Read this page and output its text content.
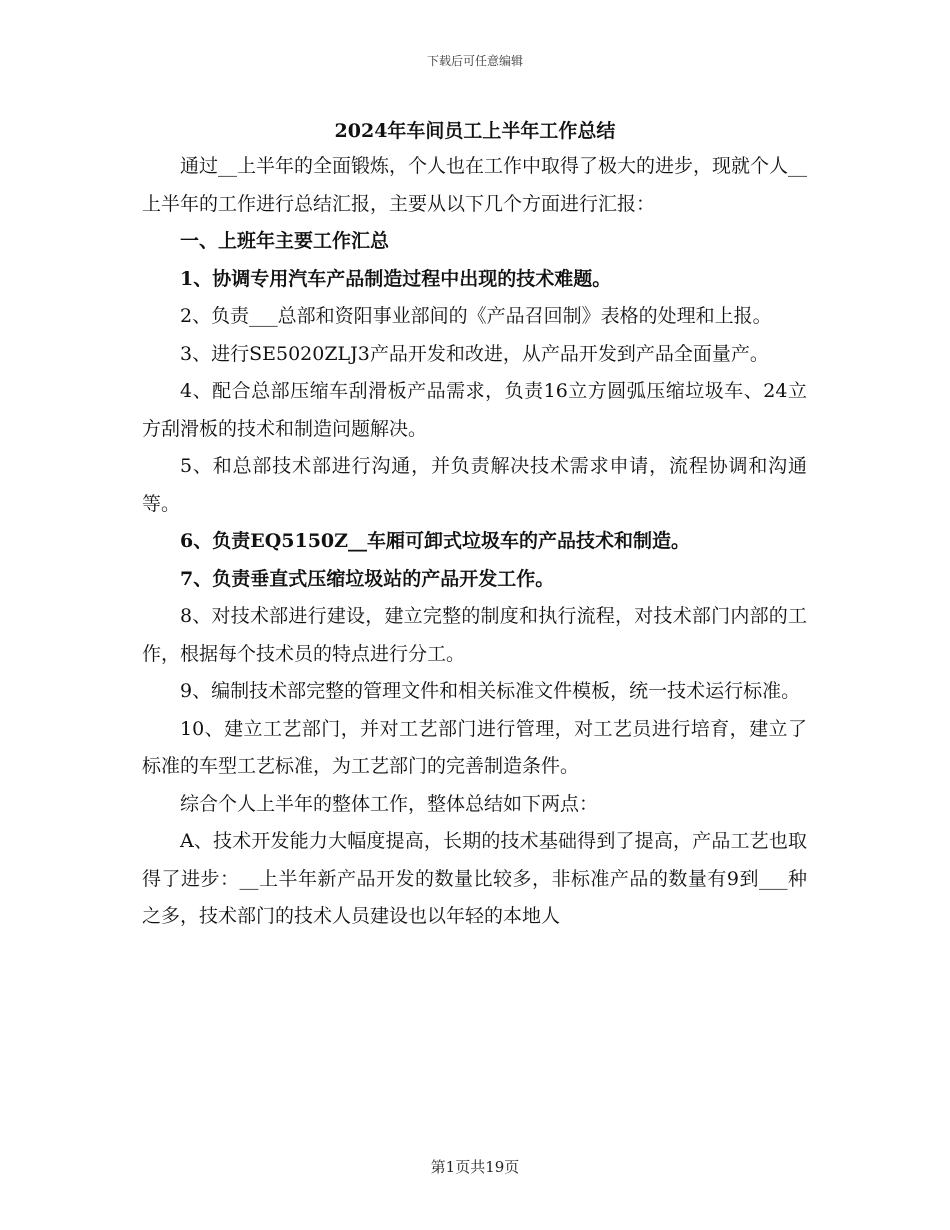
下载后可任意编辑
2024年车间员工上半年工作总结

通过__上半年的全面锻炼，个人也在工作中取得了极大的进步，现就个人__上半年的工作进行总结汇报，主要从以下几个方面进行汇报：

一、上班年主要工作汇总

1、协调专用汽车产品制造过程中出现的技术难题。

2、负责___总部和资阳事业部间的《产品召回制》表格的处理和上报。

3、进行SE5020ZLJ3产品开发和改进，从产品开发到产品全面量产。

4、配合总部压缩车刮滑板产品需求，负责16立方圆弧压缩垃圾车、24立方刮滑板的技术和制造问题解决。

5、和总部技术部进行沟通，并负责解决技术需求申请，流程协调和沟通等。

6、负责EQ5150Z__车厢可卸式垃圾车的产品技术和制造。

7、负责垂直式压缩垃圾站的产品开发工作。

8、对技术部进行建设，建立完整的制度和执行流程，对技术部门内部的工作，根据每个技术员的特点进行分工。

9、编制技术部完整的管理文件和相关标准文件模板，统一技术运行标准。

10、建立工艺部门，并对工艺部门进行管理，对工艺员进行培育，建立了标准的车型工艺标准，为工艺部门的完善制造条件。

综合个人上半年的整体工作，整体总结如下两点：

A、技术开发能力大幅度提高，长期的技术基础得到了提高，产品工艺也取得了进步：__上半年新产品开发的数量比较多，非标准产品的数量有9到___种之多，技术部门的技术人员建设也以年轻的本地人

第1页共19页
